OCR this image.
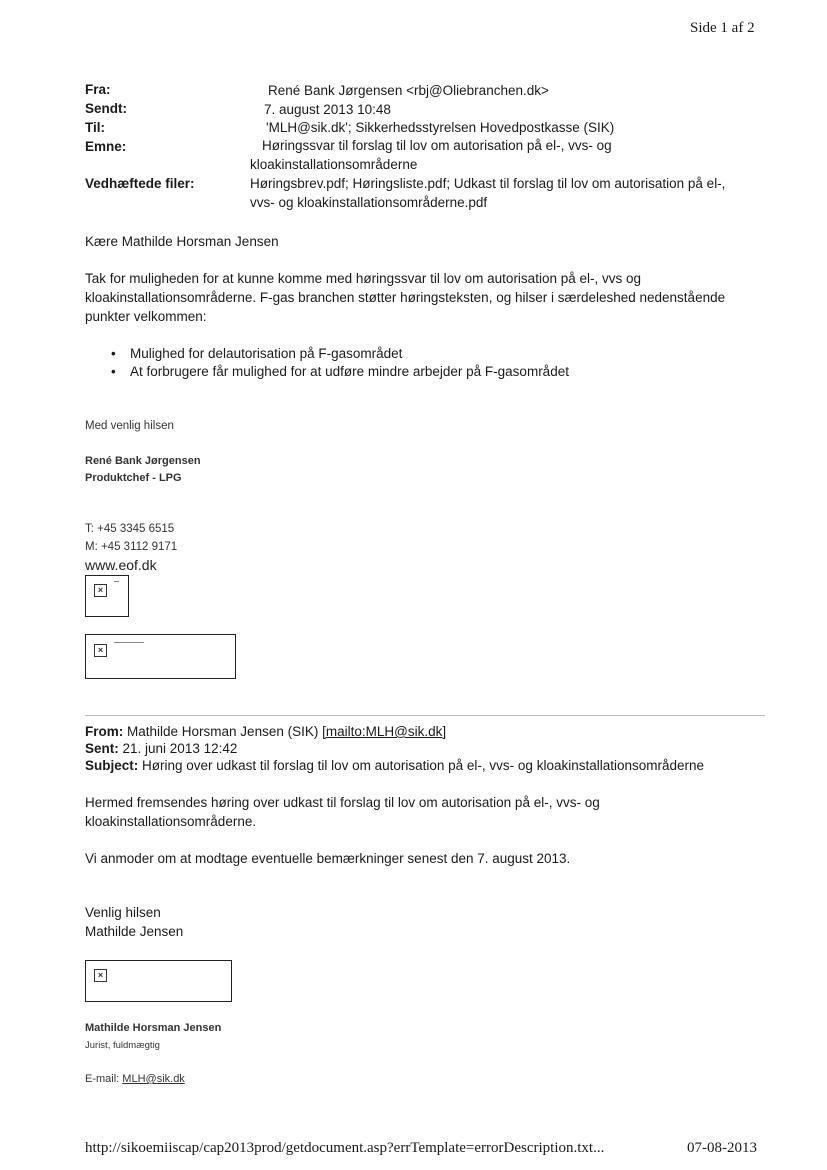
Side 1 af 2
Fra:	René Bank Jørgensen <rbj@Oliebranchen.dk>
Sendt:	7. august 2013 10:48
Til:	'MLH@sik.dk'; Sikkerhedsstyrelsen Hovedpostkasse (SIK)
Emne:	Høringssvar til forslag til lov om autorisation på el-, vvs- og
kloakinstallationsområderne
Vedhæftede filer:	Høringsbrev.pdf; Høringsliste.pdf; Udkast til forslag til lov om autorisation på el-,
vvs- og kloakinstallationsområderne.pdf
Kære Mathilde Horsman Jensen
Tak for muligheden for at kunne komme med høringssvar til lov om autorisation på el-, vvs og
kloakinstallationsområderne. F-gas branchen støtter høringsteksten, og hilser i særdeleshed nedenstående
punkter velkommen:
• Mulighed for delautorisation på F-gasområdet
• At forbrugere får mulighed for at udføre mindre arbejder på F-gasområdet
Med venlig hilsen
René Bank Jørgensen
Produktchef - LPG
T: +45 3345 6515
M: +45 3112 9171
www.eof.dk
×
×
From: Mathilde Horsman Jensen (SIK) [mailto:MLH@sik.dk]
Sent: 21. juni 2013 12:42
Subject: Høring over udkast til forslag til lov om autorisation på el-, vvs- og kloakinstallationsområderne
Hermed fremsendes høring over udkast til forslag til lov om autorisation på el-, vvs- og
kloakinstallationsområderne.
Vi anmoder om at modtage eventuelle bemærkninger senest den 7. august 2013.
Venlig hilsen
Mathilde Jensen
×
Mathilde Horsman Jensen
Jurist, fuldmægtig
E-mail: MLH@sik.dk
http://sikoemiiscap/cap2013prod/getdocument.asp?errTemplate=errorDescription.txt...	07-08-2013
